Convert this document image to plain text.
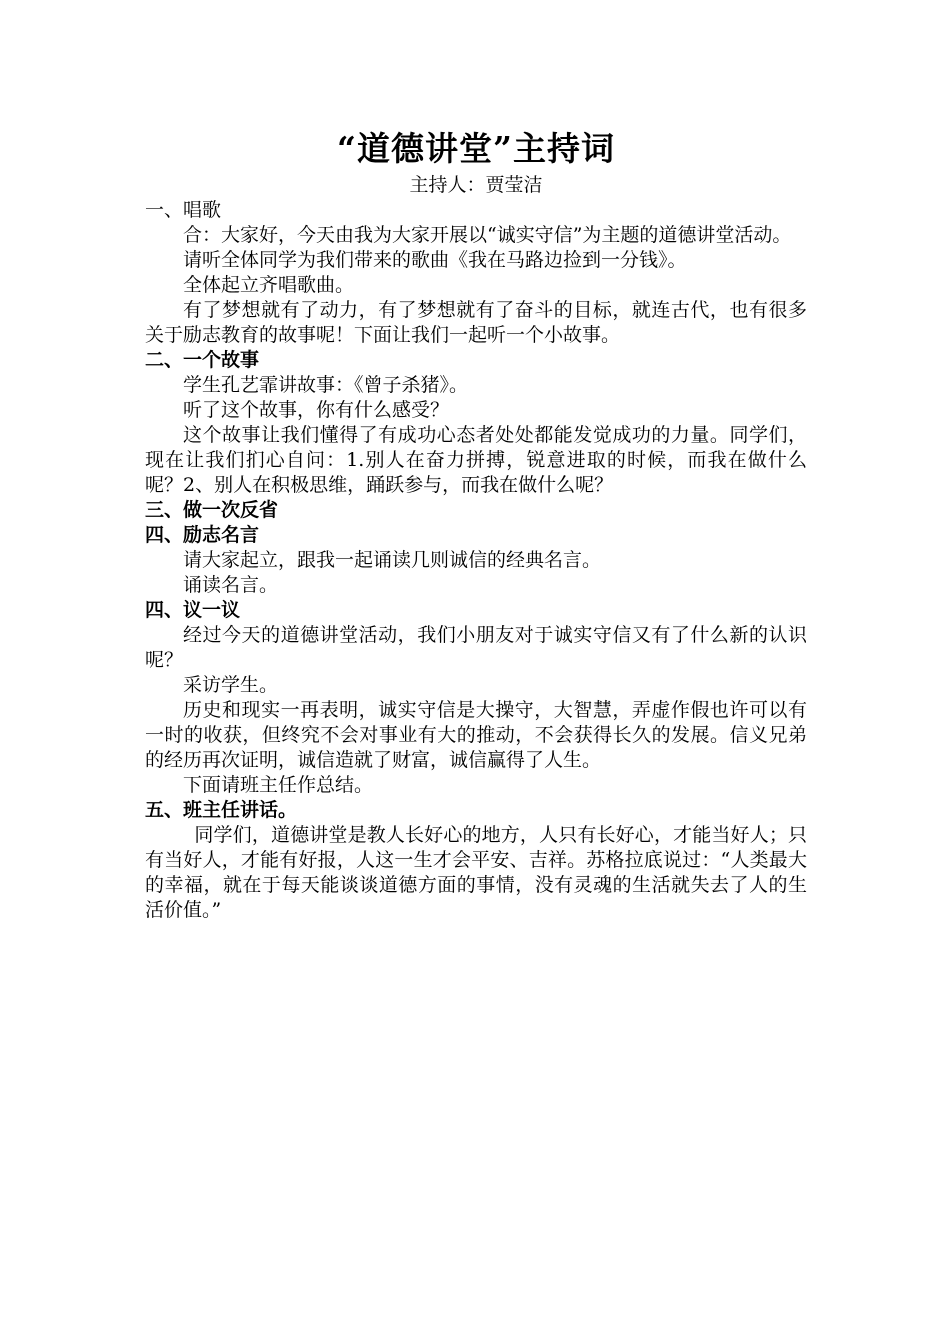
“道德讲堂”主持词
主持人：贾莹洁
一、唱歌
合：大家好，今天由我为大家开展以“诚实守信”为主题的道德讲堂活动。
请听全体同学为我们带来的歌曲《我在马路边捡到一分钱》。
全体起立齐唱歌曲。
有了梦想就有了动力，有了梦想就有了奋斗的目标，就连古代，也有很多关于励志教育的故事呢！下面让我们一起听一个小故事。
二、一个故事
学生孔艺霏讲故事：《曾子杀猪》。
听了这个故事，你有什么感受？
这个故事让我们懂得了有成功心态者处处都能发觉成功的力量。同学们，现在让我们扪心自问：1.别人在奋力拼搏，锐意进取的时候，而我在做什么呢？2、别人在积极思维，踊跃参与，而我在做什么呢？
三、做一次反省
四、励志名言
请大家起立，跟我一起诵读几则诚信的经典名言。
诵读名言。
四、议一议
经过今天的道德讲堂活动，我们小朋友对于诚实守信又有了什么新的认识呢？
采访学生。
历史和现实一再表明，诚实守信是大操守，大智慧，弄虚作假也许可以有一时的收获，但终究不会对事业有大的推动，不会获得长久的发展。信义兄弟的经历再次证明，诚信造就了财富，诚信赢得了人生。
下面请班主任作总结。
五、班主任讲话。
同学们，道德讲堂是教人长好心的地方，人只有长好心，才能当好人；只有当好人，才能有好报，人这一生才会平安、吉祥。苏格拉底说过：“人类最大的幸福，就在于每天能谈谈道德方面的事情，没有灵魂的生活就失去了人的生活价值。”
